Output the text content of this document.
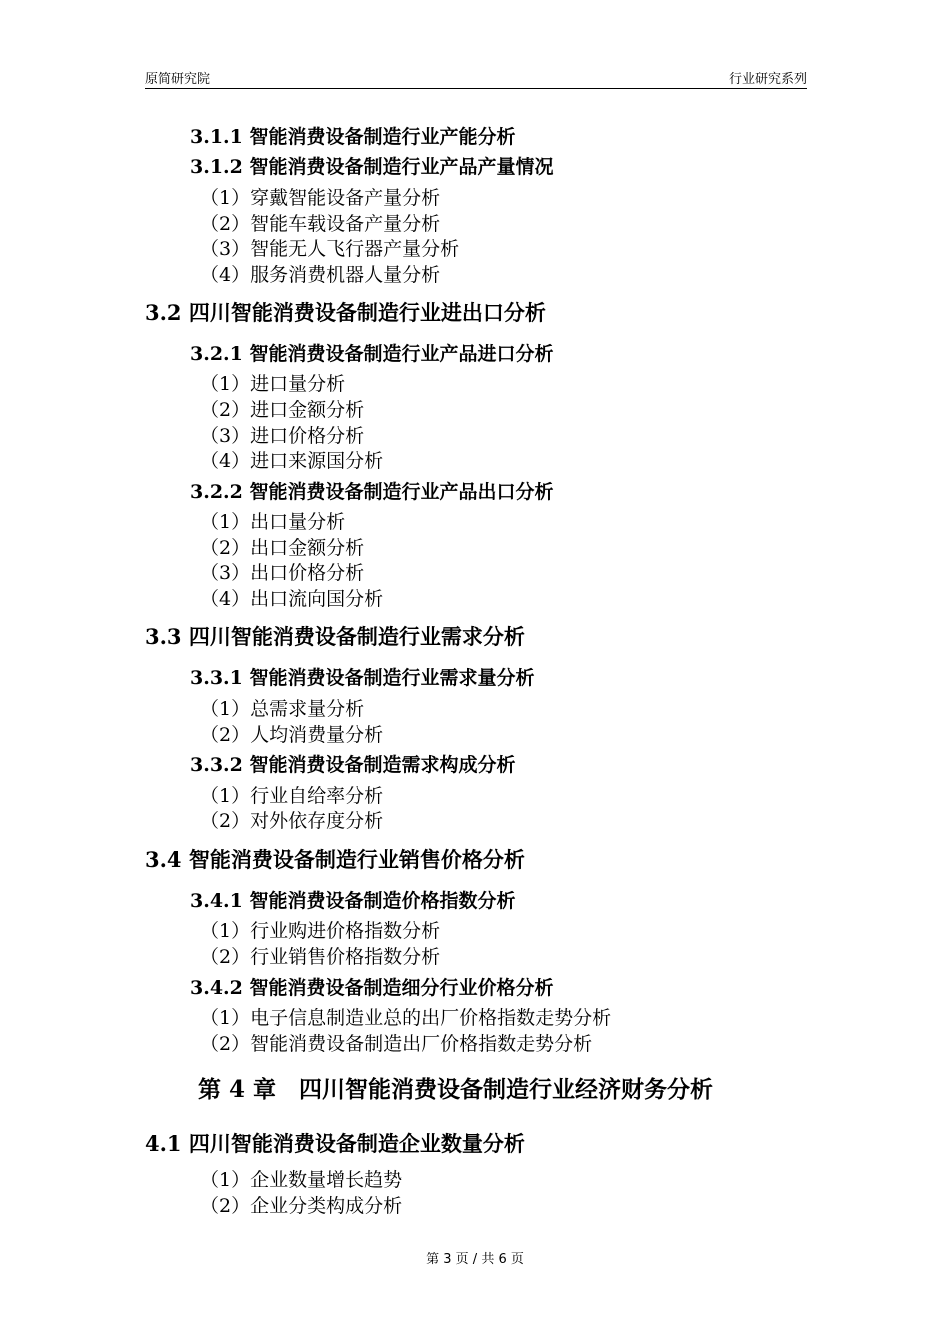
原简研究院	行业研究系列
3.1.1 智能消费设备制造行业产能分析
3.1.2 智能消费设备制造行业产品产量情况
（1）穿戴智能设备产量分析
（2）智能车载设备产量分析
（3）智能无人飞行器产量分析
（4）服务消费机器人量分析
3.2 四川智能消费设备制造行业进出口分析
3.2.1 智能消费设备制造行业产品进口分析
（1）进口量分析
（2）进口金额分析
（3）进口价格分析
（4）进口来源国分析
3.2.2 智能消费设备制造行业产品出口分析
（1）出口量分析
（2）出口金额分析
（3）出口价格分析
（4）出口流向国分析
3.3 四川智能消费设备制造行业需求分析
3.3.1 智能消费设备制造行业需求量分析
（1）总需求量分析
（2）人均消费量分析
3.3.2 智能消费设备制造需求构成分析
（1）行业自给率分析
（2）对外依存度分析
3.4 智能消费设备制造行业销售价格分析
3.4.1 智能消费设备制造价格指数分析
（1）行业购进价格指数分析
（2）行业销售价格指数分析
3.4.2 智能消费设备制造细分行业价格分析
（1）电子信息制造业总的出厂价格指数走势分析
（2）智能消费设备制造出厂价格指数走势分析
第 4 章　四川智能消费设备制造行业经济财务分析
4.1 四川智能消费设备制造企业数量分析
（1）企业数量增长趋势
（2）企业分类构成分析
第 3 页 / 共 6 页
